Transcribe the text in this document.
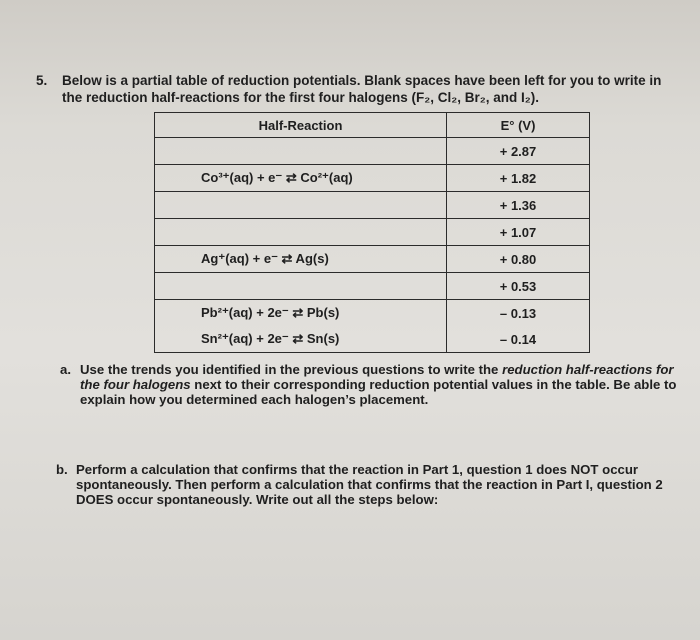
5. Below is a partial table of reduction potentials. Blank spaces have been left for you to write in the reduction half-reactions for the first four halogens (F₂, Cl₂, Br₂, and I₂).
Half-Reaction	E° (V)
	+ 2.87
Co³⁺(aq) + e⁻ ⇄ Co²⁺(aq)	+ 1.82
	+ 1.36
	+ 1.07
Ag⁺(aq) + e⁻ ⇄ Ag(s)	+ 0.80
	+ 0.53
Pb²⁺(aq) + 2e⁻ ⇄ Pb(s)	– 0.13
Sn²⁺(aq) + 2e⁻ ⇄ Sn(s)	– 0.14
a. Use the trends you identified in the previous questions to write the reduction half-reactions for the four halogens next to their corresponding reduction potential values in the table. Be able to explain how you determined each halogen’s placement.
b. Perform a calculation that confirms that the reaction in Part 1, question 1 does NOT occur spontaneously. Then perform a calculation that confirms that the reaction in Part I, question 2 DOES occur spontaneously. Write out all the steps below:
